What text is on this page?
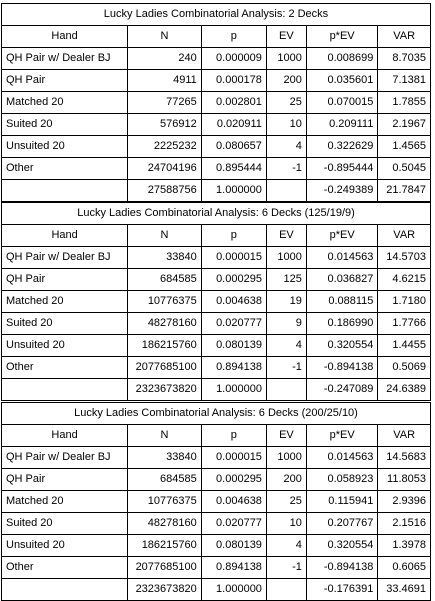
Lucky Ladies Combinatorial Analysis: 2 Decks					
Hand	N	p	EV	p*EV	VAR
QH Pair w/ Dealer BJ	240	0.000009	1000	0.008699	8.7035
QH Pair	4911	0.000178	200	0.035601	7.1381
Matched 20	77265	0.002801	25	0.070015	1.7855
Suited 20	576912	0.020911	10	0.209111	2.1967
Unsuited 20	2225232	0.080657	4	0.322629	1.4565
Other	24704196	0.895444	-1	-0.895444	0.5045
	27588756	1.000000		-0.249389	21.7847
Lucky Ladies Combinatorial Analysis: 6 Decks (125/19/9)					
Hand	N	p	EV	p*EV	VAR
QH Pair w/ Dealer BJ	33840	0.000015	1000	0.014563	14.5703
QH Pair	684585	0.000295	125	0.036827	4.6215
Matched 20	10776375	0.004638	19	0.088115	1.7180
Suited 20	48278160	0.020777	9	0.186990	1.7766
Unsuited 20	186215760	0.080139	4	0.320554	1.4455
Other	2077685100	0.894138	-1	-0.894138	0.5069
	2323673820	1.000000		-0.247089	24.6389
Lucky Ladies Combinatorial Analysis: 6 Decks (200/25/10)					
Hand	N	p	EV	p*EV	VAR
QH Pair w/ Dealer BJ	33840	0.000015	1000	0.014563	14.5683
QH Pair	684585	0.000295	200	0.058923	11.8053
Matched 20	10776375	0.004638	25	0.115941	2.9396
Suited 20	48278160	0.020777	10	0.207767	2.1516
Unsuited 20	186215760	0.080139	4	0.320554	1.3978
Other	2077685100	0.894138	-1	-0.894138	0.6065
	2323673820	1.000000		-0.176391	33.4691
